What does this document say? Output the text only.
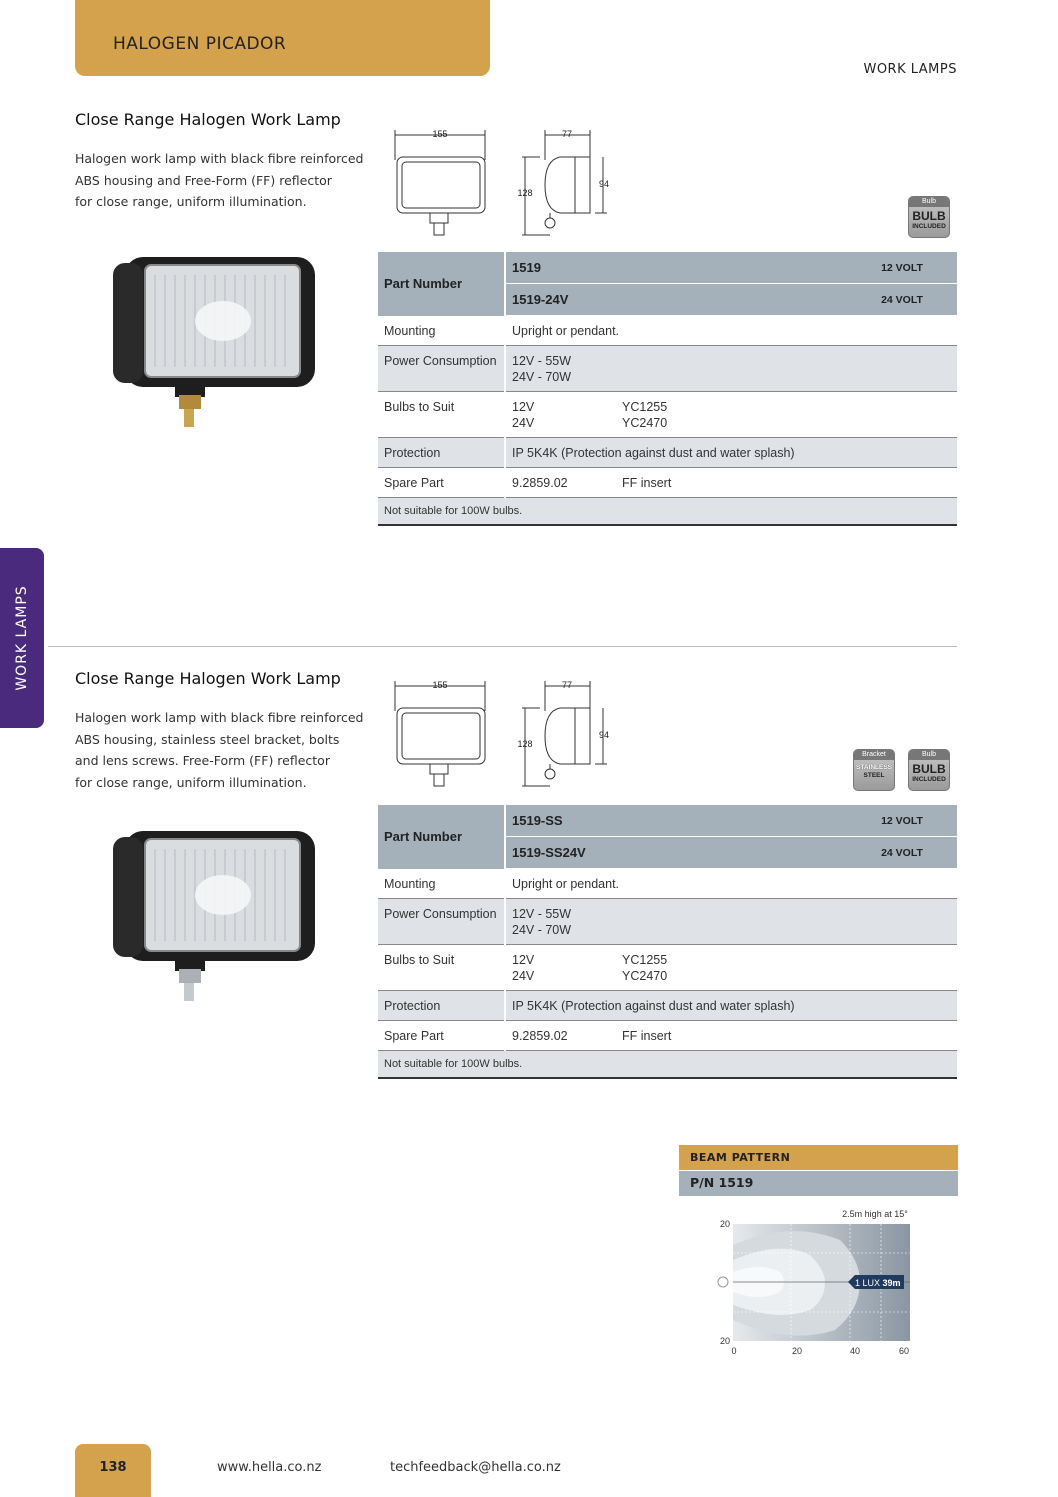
HALOGEN PICADOR
WORK LAMPS
WORK LAMPS
Close Range Halogen Work Lamp
Halogen work lamp with black fibre reinforced
ABS housing and Free-Form (FF) reflector
for close range, uniform illumination.
155	77
128
94
Bulb
BULB
INCLUDED
Part Number	1519	12 VOLT
	1519-24V	24 VOLT
Mounting	Upright or pendant.	
Power Consumption	12V - 55W
24V - 70W	

Bulbs to Suit	12V YC1255
24V YC2470	

Protection	IP 5K4K (Protection against dust and water splash)	
Spare Part	9.2859.02 FF insert	
Not suitable for 100W bulbs.		
Close Range Halogen Work Lamp
Halogen work lamp with black fibre reinforced
ABS housing, stainless steel bracket, bolts
and lens screws. Free-Form (FF) reflector
for close range, uniform illumination.
155	77
128
94
Bracket
STAINLESS
STEEL
Bulb
BULB
INCLUDED
Part Number	1519-SS	12 VOLT
	1519-SS24V	24 VOLT
Mounting	Upright or pendant.	
Power Consumption	12V - 55W
24V - 70W	

Bulbs to Suit	12V YC1255
24V YC2470	

Protection	IP 5K4K (Protection against dust and water splash)	
Spare Part	9.2859.02 FF insert	
Not suitable for 100W bulbs.		
BEAM PATTERN
P/N 1519
2.5m high at 15°
1 LUX 39m
20
20
0	20	40	60
138	www.hella.co.nz	techfeedback@hella.co.nz
